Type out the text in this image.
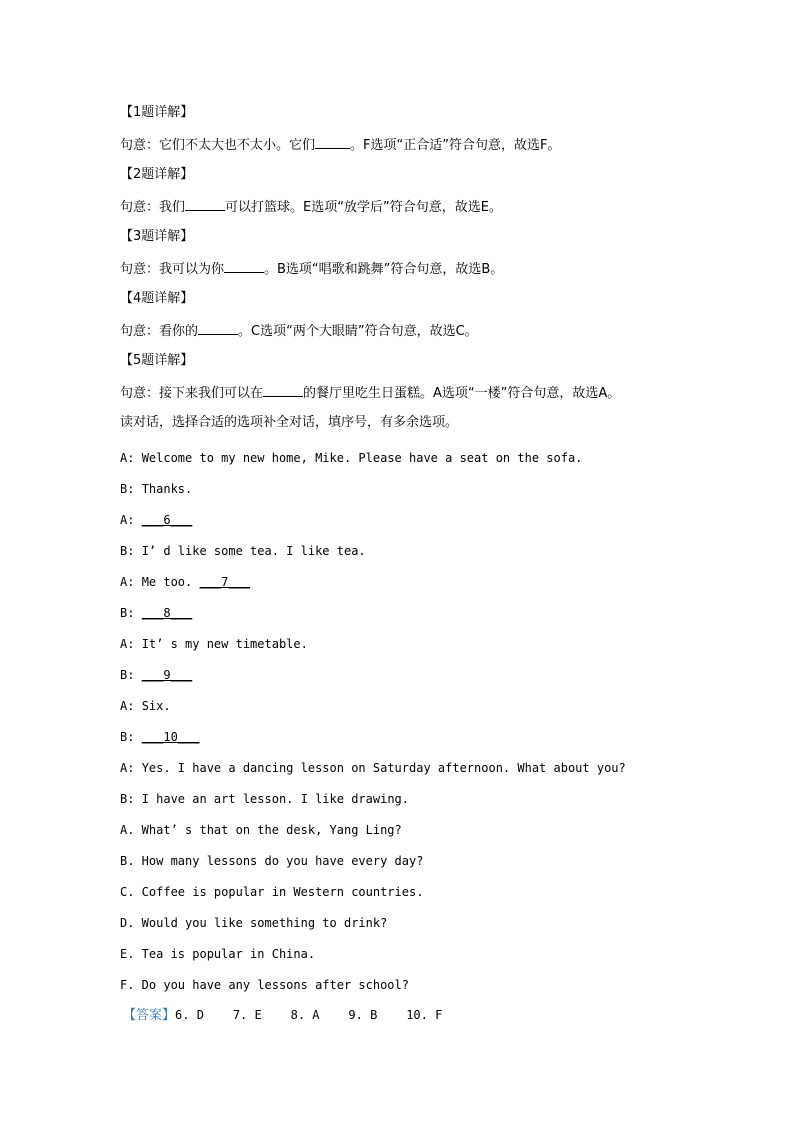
【1题详解】
句意：它们不太大也不太小。它们	。F选项“正合适”符合句意，故选F。
【2题详解】
句意：我们	可以打篮球。E选项“放学后”符合句意，故选E。
【3题详解】
句意：我可以为你	。B选项“唱歌和跳舞”符合句意，故选B。
【4题详解】
句意：看你的	。C选项“两个大眼睛”符合句意，故选C。
【5题详解】
句意：接下来我们可以在	的餐厅里吃生日蛋糕。A选项“一楼”符合句意，故选A。
读对话，选择合适的选项补全对话，填序号，有多余选项。
A: Welcome to my new home, Mike. Please have a seat on the sofa.
B: Thanks.
A: ___6___
B: I’ d like some tea. I like tea.
A: Me too. ___7___
B: ___8___
A: It’ s my new timetable.
B: ___9___
A: Six.
B: ___10___
A: Yes. I have a dancing lesson on Saturday afternoon. What about you?
B: I have an art lesson. I like drawing.
A. What’ s that on the desk, Yang Ling?
B. How many lessons do you have every day?
C. Coffee is popular in Western countries.
D. Would you like something to drink?
E. Tea is popular in China.
F. Do you have any lessons after school?
【答案】6. D    7. E    8. A    9. B    10. F
